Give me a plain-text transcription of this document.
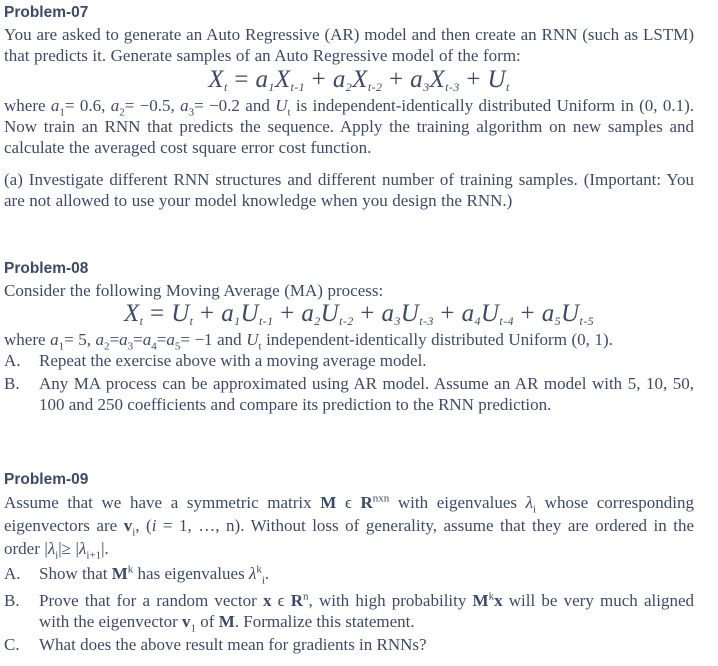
Problem-07

You are asked to generate an Auto Regressive (AR) model and then create an RNN (such as LSTM) that predicts it. Generate samples of an Auto Regressive model of the form:

$X_t = a_1X_{t-1} + a_2X_{t-2} + a_3X_{t-3} + U_t$

where $a_1= 0.6$, $a_2= -0.5$, $a_3= -0.2$ and $U_t$ is independent-identically distributed Uniform in (0, 0.1). Now train an RNN that predicts the sequence. Apply the training algorithm on new samples and calculate the averaged cost square error cost function.

(a) Investigate different RNN structures and different number of training samples. (Important: You are not allowed to use your model knowledge when you design the RNN.)

Problem-08

Consider the following Moving Average (MA) process:

$X_t = U_t + a_1U_{t-1} + a_2U_{t-2} + a_3U_{t-3} + a_4U_{t-4} + a_5U_{t-5}$

where $a_1= 5$, $a_2=a_3=a_4=a_5= -1$ and $U_t$ independent-identically distributed Uniform (0, 1).

A. Repeat the exercise above with a moving average model.
B. Any MA process can be approximated using AR model. Assume an AR model with 5, 10, 50, 100 and 250 coefficients and compare its prediction to the RNN prediction.
Problem-09

Assume that we have a symmetric matrix M ϵ $R^{nxn}$ with eigenvalues $\lambda_i$ whose corresponding eigenvectors are $v_i$, (i = 1, …, n). Without loss of generality, assume that they are ordered in the order $|\lambda_i|\ge |\lambda_{i+1}|$.

A. Show that $M^k$ has eigenvalues $\lambda^k_i$.
B. Prove that for a random vector x ϵ $R^n$, with high probability $M^kx$ will be very much aligned with the eigenvector $v_1$ of M. Formalize this statement.
C. What does the above result mean for gradients in RNNs?
